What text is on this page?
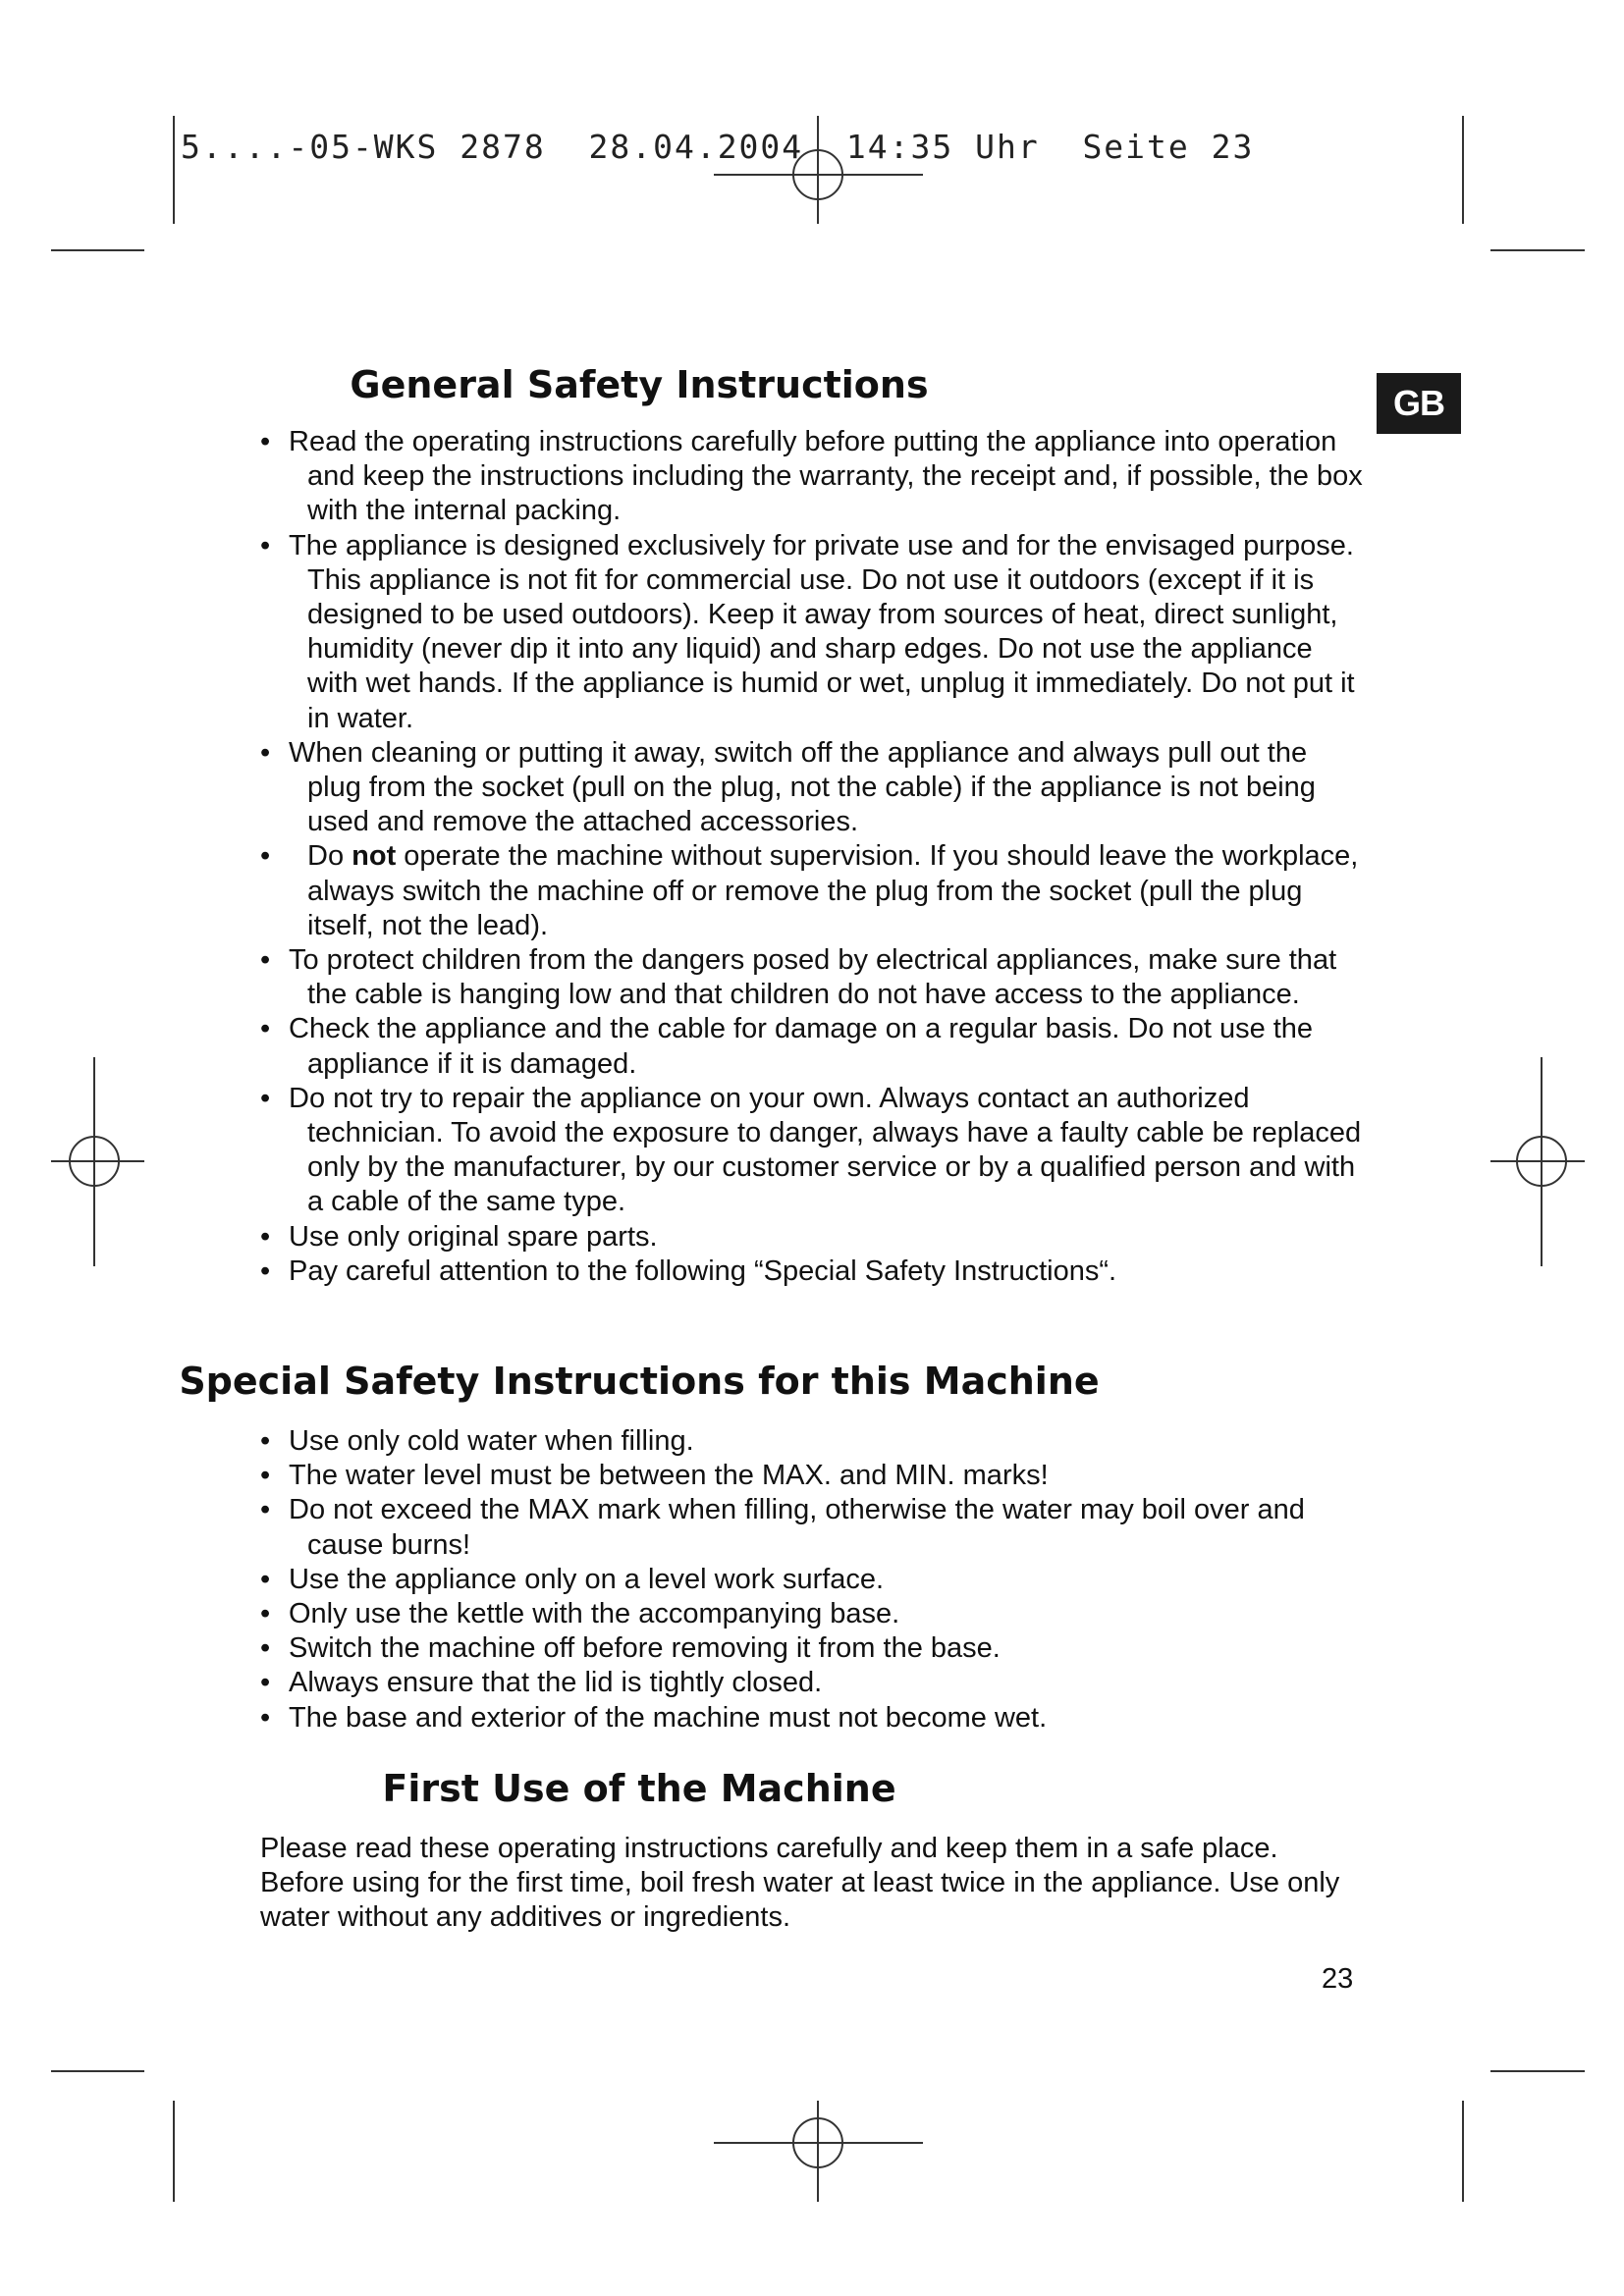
5....-05-WKS 2878  28.04.2004  14:35 Uhr  Seite 23
GB
General Safety Instructions
• Read the operating instructions carefully before putting the appliance into operation and keep the instructions including the warranty, the receipt and, if possible, the box with the internal packing.
• The appliance is designed exclusively for private use and for the envisaged purpose. This appliance is not fit for commercial use. Do not use it outdoors (except if it is designed to be used outdoors). Keep it away from sources of heat, direct sunlight, humidity (never dip it into any liquid) and sharp edges. Do not use the appliance with wet hands. If the appliance is humid or wet, unplug it immediately. Do not put it in water.
• When cleaning or putting it away, switch off the appliance and always pull out the plug from the socket (pull on the plug, not the cable) if the appliance is not being used and remove the attached accessories.
• Do not operate the machine without supervision. If you should leave the workplace, always switch the machine off or remove the plug from the socket (pull the plug itself, not the lead).
• To protect children from the dangers posed by electrical appliances, make sure that the cable is hanging low and that children do not have access to the appliance.
• Check the appliance and the cable for damage on a regular basis. Do not use the appliance if it is damaged.
• Do not try to repair the appliance on your own. Always contact an authorized technician. To avoid the exposure to danger, always have a faulty cable be replaced only by the manufacturer, by our customer service or by a qualified person and with a cable of the same type.
• Use only original spare parts.
• Pay careful attention to the following “Special Safety Instructions“.
Special Safety Instructions for this Machine
• Use only cold water when filling.
• The water level must be between the MAX. and MIN. marks!
• Do not exceed the MAX mark when filling, otherwise the water may boil over and cause burns!
• Use the appliance only on a level work surface.
• Only use the kettle with the accompanying base.
• Switch the machine off before removing it from the base.
• Always ensure that the lid is tightly closed.
• The base and exterior of the machine must not become wet.
First Use of the Machine

Please read these operating instructions carefully and keep them in a safe place. Before using for the first time, boil fresh water at least twice in the appliance. Use only water without any additives or ingredients.

23
